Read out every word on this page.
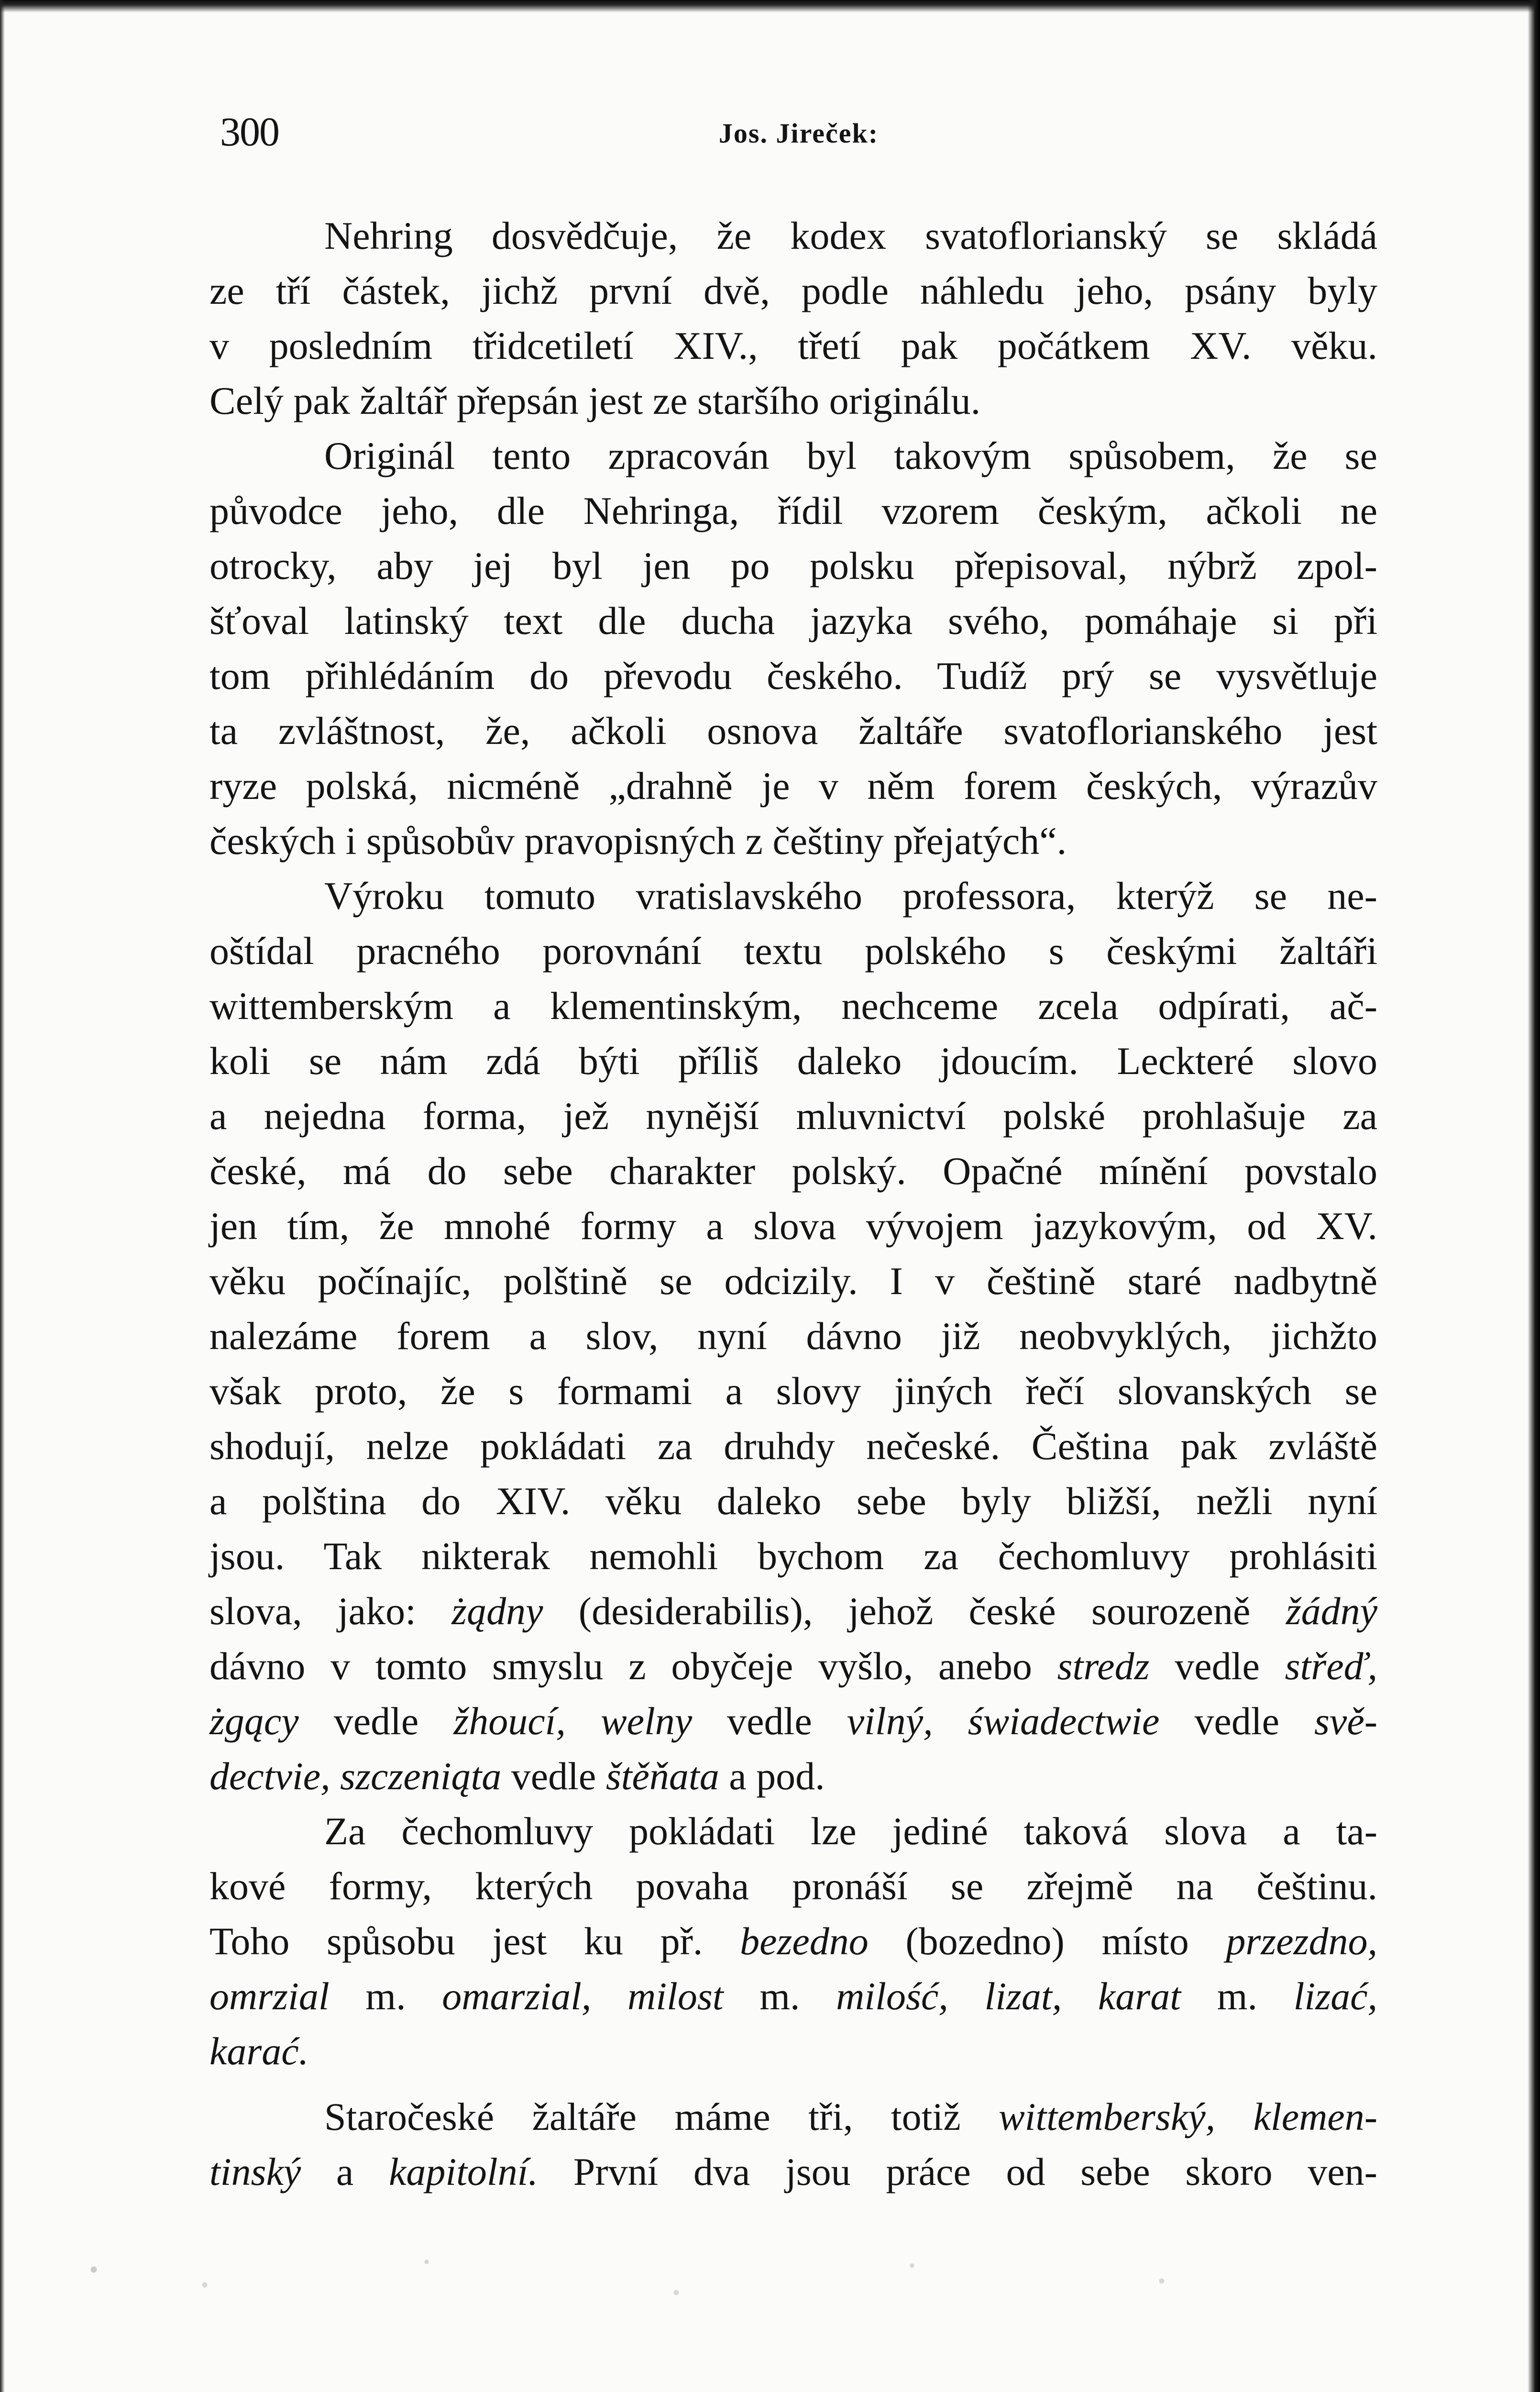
300	Jos. Jireček:

Nehring dosvědčuje, že kodex svatoflorianský se skládá
ze tří částek, jichž první dvě, podle náhledu jeho, psány byly
v posledním třidcetiletí XIV., třetí pak počátkem XV. věku.
Celý pak žaltář přepsán jest ze staršího originálu.

Originál tento zpracován byl takovým spůsobem, že se
původce jeho, dle Nehringa, řídil vzorem českým, ačkoli ne
otrocky, aby jej byl jen po polsku přepisoval, nýbrž zpol-
šťoval latinský text dle ducha jazyka svého, pomáhaje si při
tom přihlédáním do převodu českého. Tudíž prý se vysvětluje
ta zvláštnost, že, ačkoli osnova žaltáře svatoflorianského jest
ryze polská, nicméně „drahně je v něm forem českých, výrazův
českých i spůsobův pravopisných z češtiny přejatých“.

Výroku tomuto vratislavského professora, kterýž se ne-
oštídal pracného porovnání textu polského s českými žaltáři
wittemberským a klementinským, nechceme zcela odpírati, ač-
koli se nám zdá býti příliš daleko jdoucím. Leckteré slovo
a nejedna forma, jež nynější mluvnictví polské prohlašuje za
české, má do sebe charakter polský. Opačné mínění povstalo
jen tím, že mnohé formy a slova vývojem jazykovým, od XV.
věku počínajíc, polštině se odcizily. I v češtině staré nadbytně
nalezáme forem a slov, nyní dávno již neobvyklých, jichžto
však proto, že s formami a slovy jiných řečí slovanských se
shodují, nelze pokládati za druhdy nečeské. Čeština pak zvláště
a polština do XIV. věku daleko sebe byly bližší, nežli nyní
jsou. Tak nikterak nemohli bychom za čechomluvy prohlásiti
slova, jako: żądny (desiderabilis), jehož české sourozeně žádný
dávno v tomto smyslu z obyčeje vyšlo, anebo stredz vedle střeď,
żgący vedle žhoucí, welny vedle vilný, świadectwie vedle svě-
dectvie, szczeniąta vedle štěňata a pod.

Za čechomluvy pokládati lze jediné taková slova a ta-
kové formy, kterých povaha pronáší se zřejmě na češtinu.
Toho spůsobu jest ku př. bezedno (bozedno) místo przezdno,
omrzial m. omarzial, milost m. milość, lizat, karat m. lizać,
karać.

Staročeské žaltáře máme tři, totiž wittemberský, klemen-
tinský a kapitolní. První dva jsou práce od sebe skoro ven-
